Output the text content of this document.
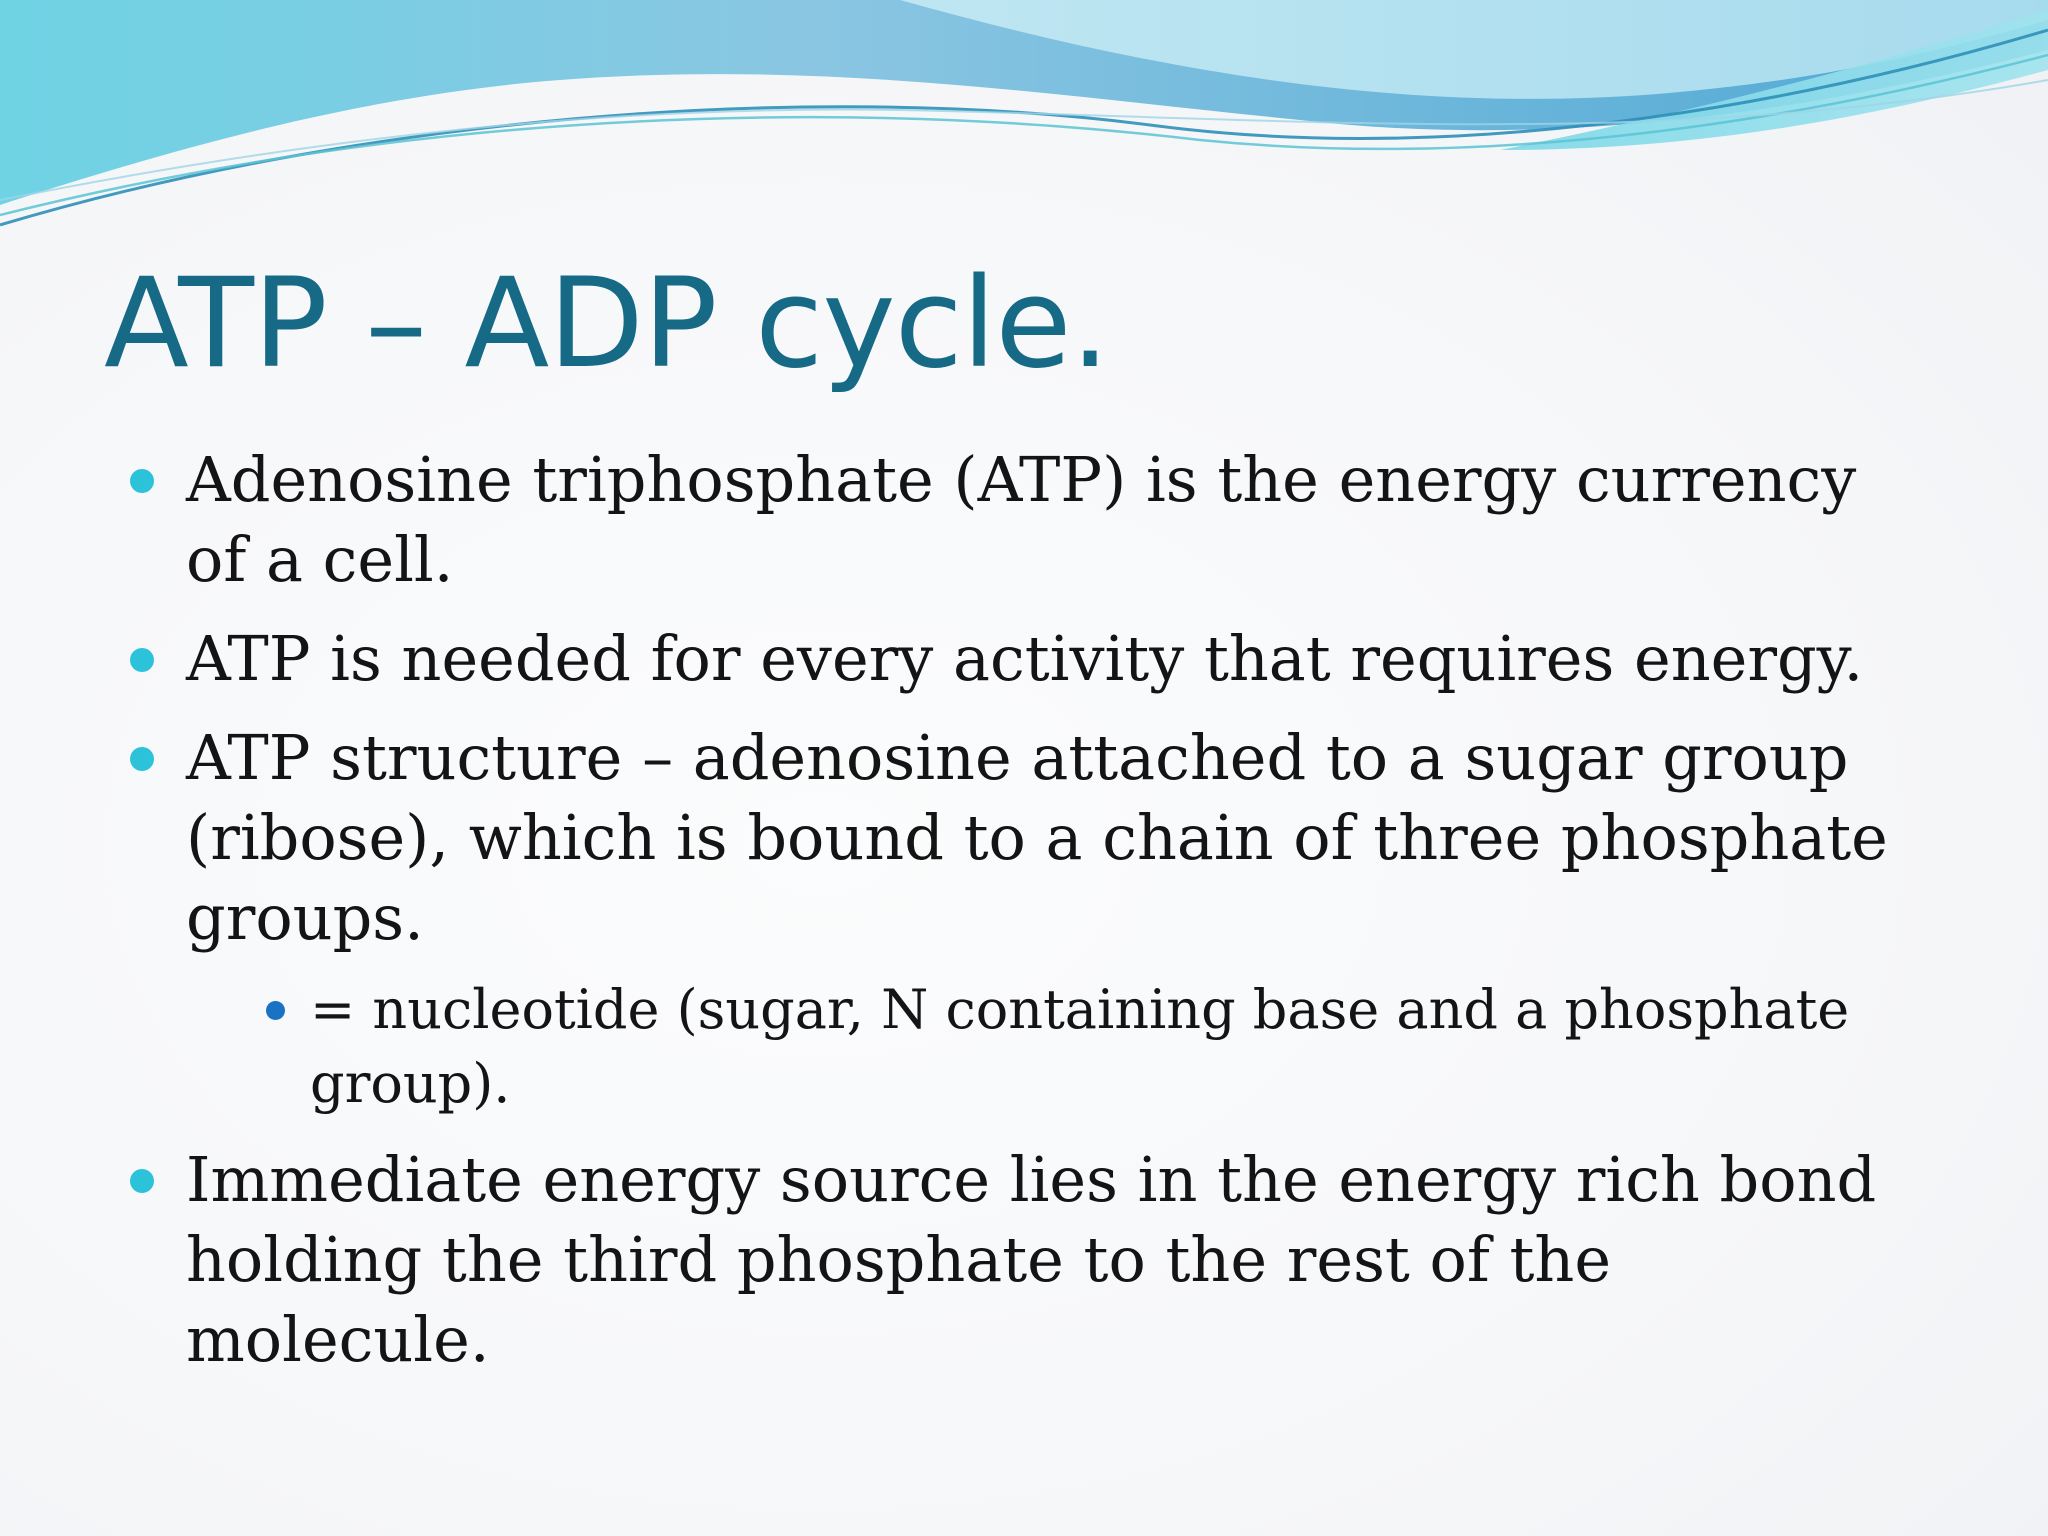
ATP – ADP cycle.
Adenosine triphosphate (ATP) is the energy currency of a cell.
ATP is needed for every activity that requires energy.
ATP structure – adenosine attached to a sugar group (ribose), which is bound to a chain of three phosphate groups.
= nucleotide (sugar, N containing base and a phosphate group).
Immediate energy source lies in the energy rich bond holding the third phosphate to the rest of the molecule.
